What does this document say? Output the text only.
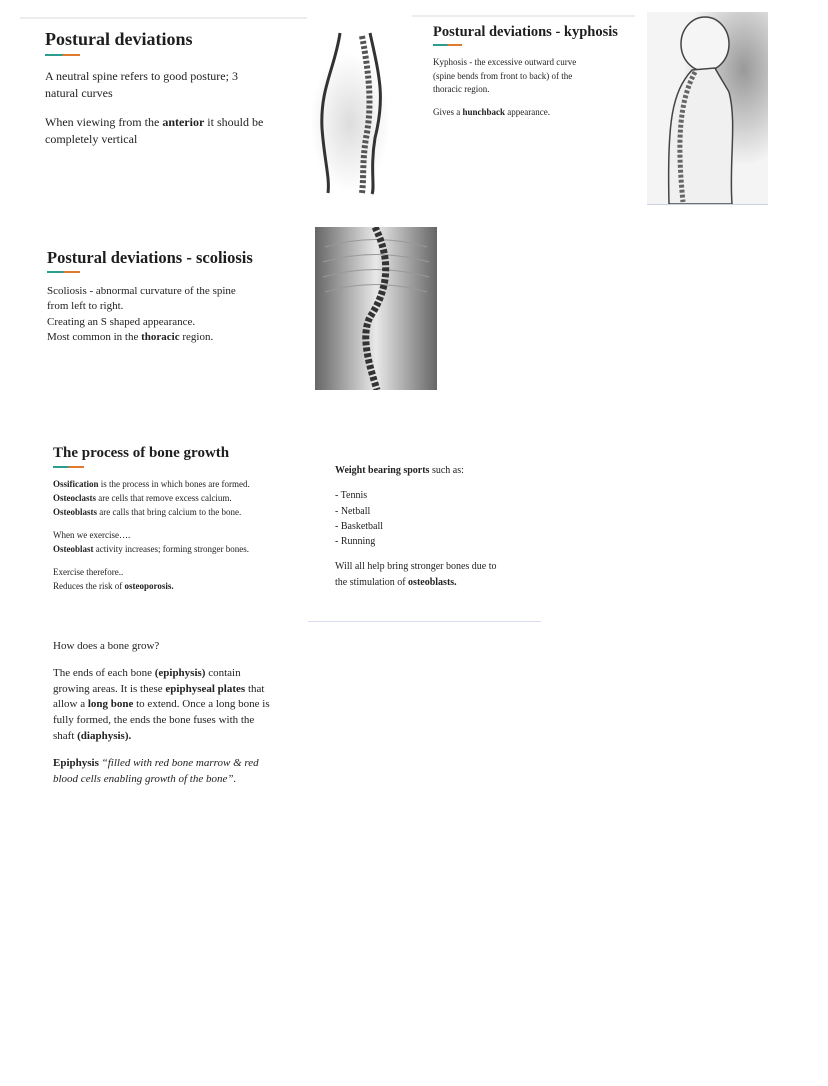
Postural deviations

A neutral spine refers to good posture; 3

natural curves

When viewing from the anterior it should be

completely vertical

Postural deviations - kyphosis

Kyphosis - the excessive outward curve

(spine bends from front to back) of the

thoracic region.

Gives a hunchback appearance.

Postural deviations - scoliosis

Scoliosis - abnormal curvature of the spine

from left to right.

Creating an S shaped appearance.

Most common in the thoracic region.

The process of bone growth

Ossification is the process in which bones are formed.

Osteoclasts are cells that remove excess calcium.

Osteoblasts are calls that bring calcium to the bone.

When we exercise….

Osteoblast activity increases; forming stronger bones.

Exercise therefore..

Reduces the risk of osteoporosis.

Weight bearing sports such as:

- Tennis

- Netball

- Basketball

- Running

Will all help bring stronger bones due to

the stimulation of osteoblasts.

How does a bone grow?

The ends of each bone (epiphysis) contain

growing areas. It is these epiphyseal plates that

allow a long bone to extend. Once a long bone is

fully formed, the ends the bone fuses with the

shaft (diaphysis).

Epiphysis “filled with red bone marrow & red

blood cells enabling growth of the bone”.
